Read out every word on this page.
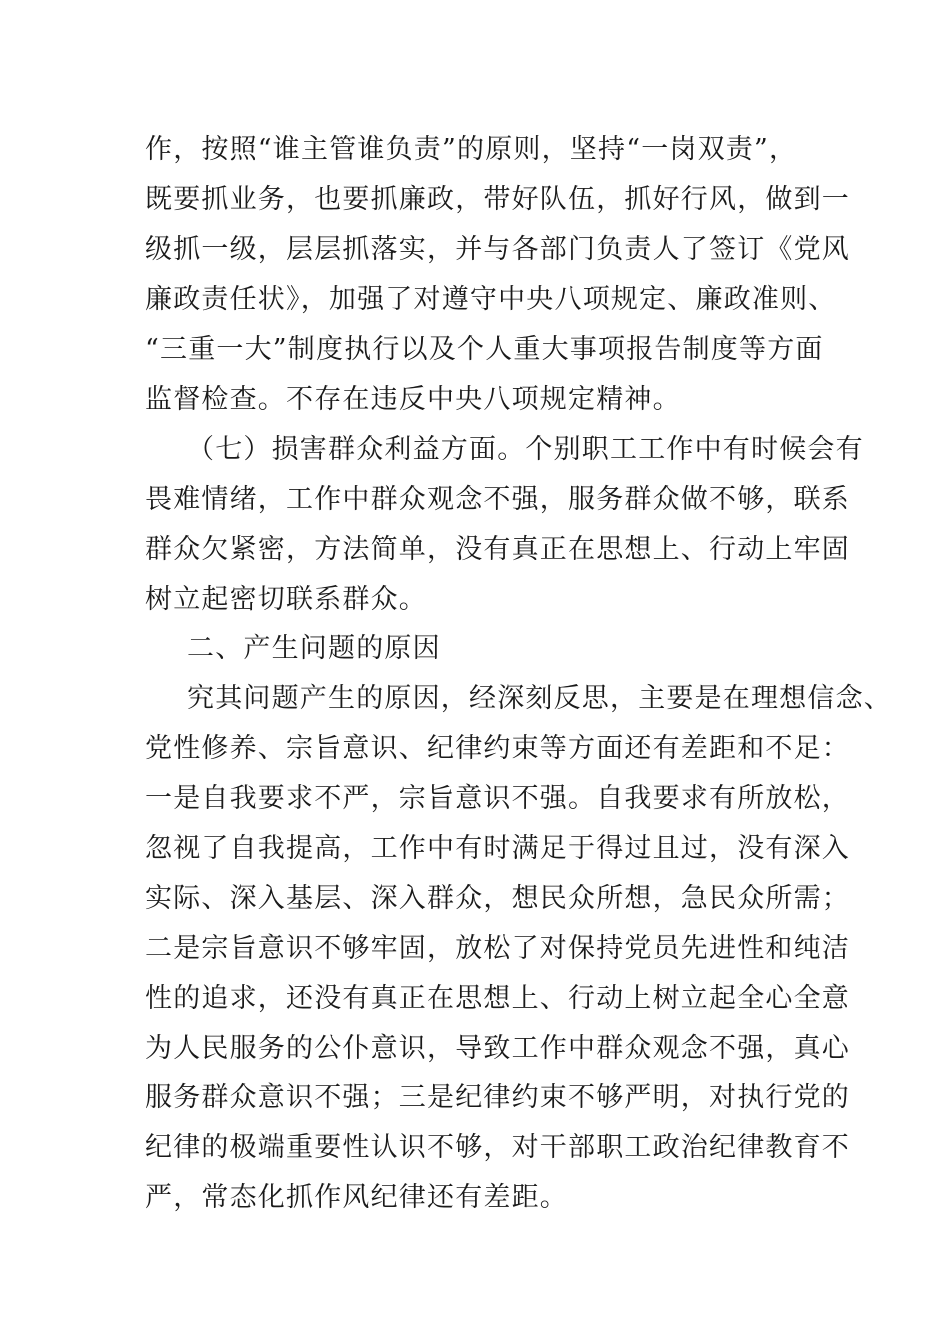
作，按照“谁主管谁负责”的原则，坚持“一岗双责”，

既要抓业务，也要抓廉政，带好队伍，抓好行风，做到一

级抓一级，层层抓落实，并与各部门负责人了签订《党风

廉政责任状》，加强了对遵守中央八项规定、廉政准则、

“三重一大”制度执行以及个人重大事项报告制度等方面

监督检查。不存在违反中央八项规定精神。

（七）损害群众利益方面。个别职工工作中有时候会有

畏难情绪，工作中群众观念不强，服务群众做不够，联系

群众欠紧密，方法简单，没有真正在思想上、行动上牢固

树立起密切联系群众。

二、产生问题的原因

究其问题产生的原因，经深刻反思，主要是在理想信念、

党性修养、宗旨意识、纪律约束等方面还有差距和不足：

一是自我要求不严，宗旨意识不强。自我要求有所放松，

忽视了自我提高，工作中有时满足于得过且过，没有深入

实际、深入基层、深入群众，想民众所想，急民众所需；

二是宗旨意识不够牢固，放松了对保持党员先进性和纯洁

性的追求，还没有真正在思想上、行动上树立起全心全意

为人民服务的公仆意识，导致工作中群众观念不强，真心

服务群众意识不强；三是纪律约束不够严明，对执行党的

纪律的极端重要性认识不够，对干部职工政治纪律教育不

严，常态化抓作风纪律还有差距。
